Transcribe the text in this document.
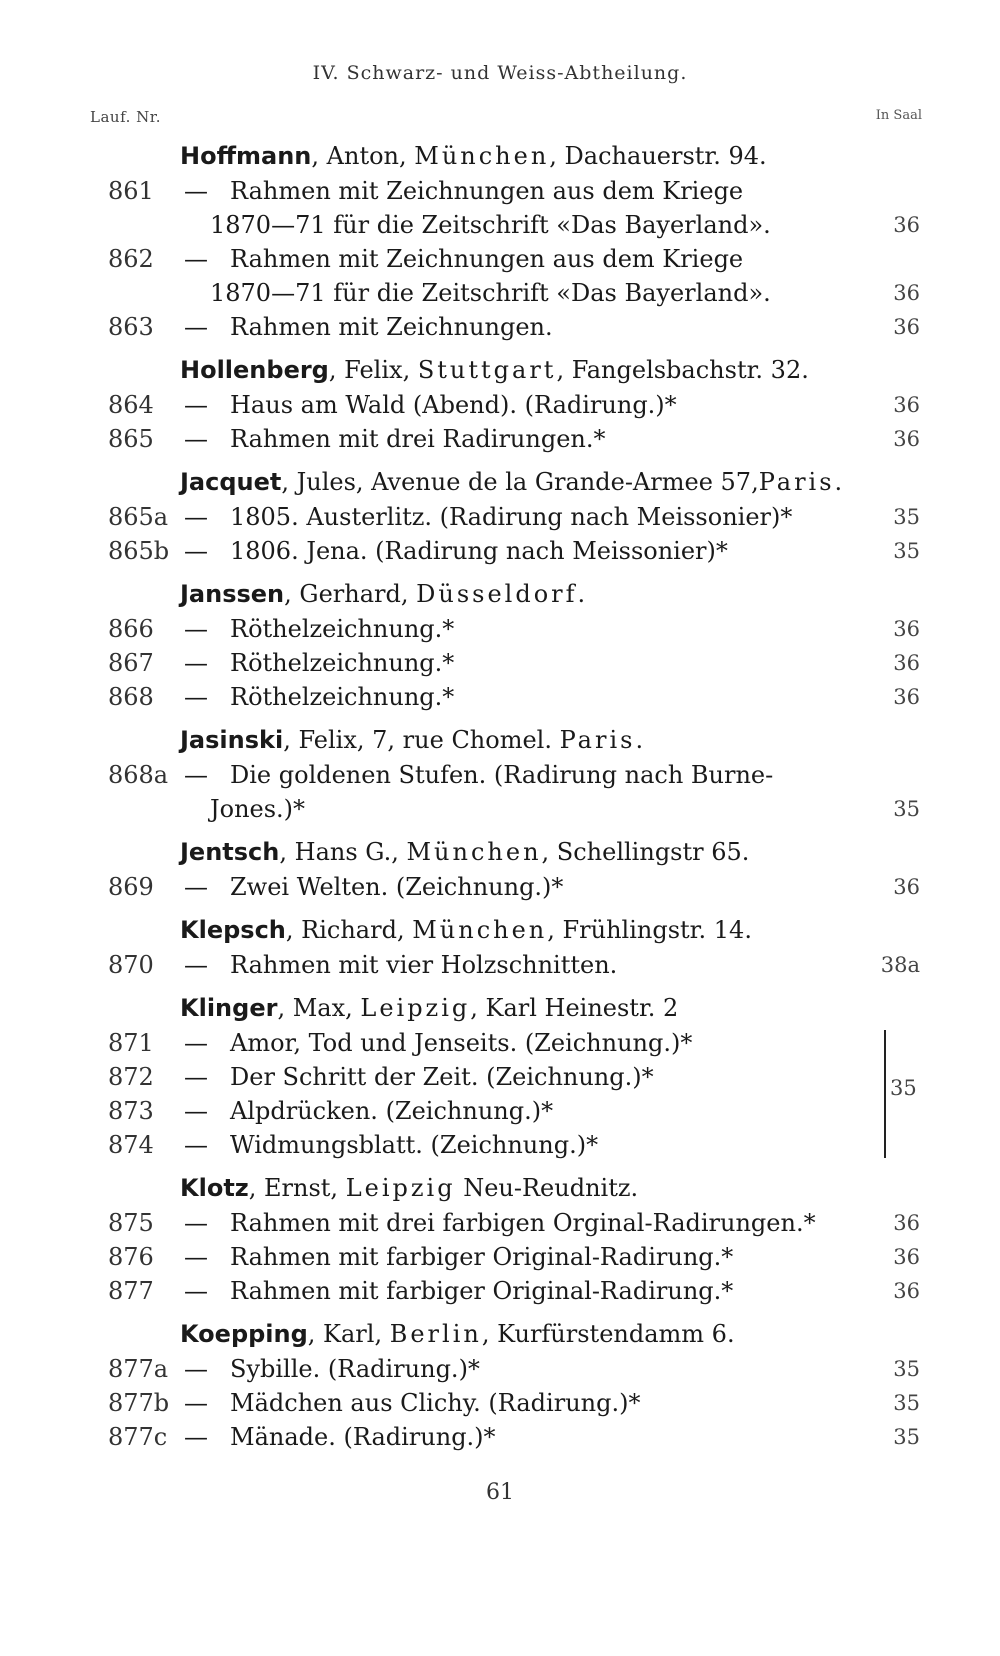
IV. Schwarz- und Weiss-Abtheilung.
Lauf. Nr.	In Saal
Hoffmann, Anton, München, Dachauerstr. 94.
861	— Rahmen mit Zeichnungen aus dem Kriege
1870—71 für die Zeitschrift «Das Bayerland».	36
862	— Rahmen mit Zeichnungen aus dem Kriege
1870—71 für die Zeitschrift «Das Bayerland».	36
863	— Rahmen mit Zeichnungen.	36
Hollenberg, Felix, Stuttgart, Fangelsbachstr. 32.
864	— Haus am Wald (Abend). (Radirung.)*	36
865	— Rahmen mit drei Radirungen.*	36
Jacquet, Jules, Avenue de la Grande-Armee 57,Paris.
865a — 1805. Austerlitz. (Radirung nach Meissonier)*	35
865b — 1806. Jena. (Radirung nach Meissonier)*	35
Janssen, Gerhard, Düsseldorf.
866	— Röthelzeichnung.*	36
867	— Röthelzeichnung.*	36
868	— Röthelzeichnung.*	36
Jasinski, Felix, 7, rue Chomel. Paris.
868a — Die goldenen Stufen. (Radirung nach Burne-
Jones.)*	35
Jentsch, Hans G., München, Schellingstr 65.
869	— Zwei Welten. (Zeichnung.)*	36
Klepsch, Richard, München, Frühlingstr. 14.
870	— Rahmen mit vier Holzschnitten.	38a
Klinger, Max, Leipzig, Karl Heinestr. 2
871	— Amor, Tod und Jenseits. (Zeichnung.)*
872	— Der Schritt der Zeit. (Zeichnung.)*
873	— Alpdrücken. (Zeichnung.)*
874	— Widmungsblatt. (Zeichnung.)*
35
Klotz, Ernst, Leipzig Neu-Reudnitz.
875	— Rahmen mit drei farbigen Orginal-Radirungen.*	36
876	— Rahmen mit farbiger Original-Radirung.*	36
877	— Rahmen mit farbiger Original-Radirung.*	36
Koepping, Karl, Berlin, Kurfürstendamm 6.
877a — Sybille. (Radirung.)*	35
877b — Mädchen aus Clichy. (Radirung.)*	35
877c — Mänade. (Radirung.)*	35
61
